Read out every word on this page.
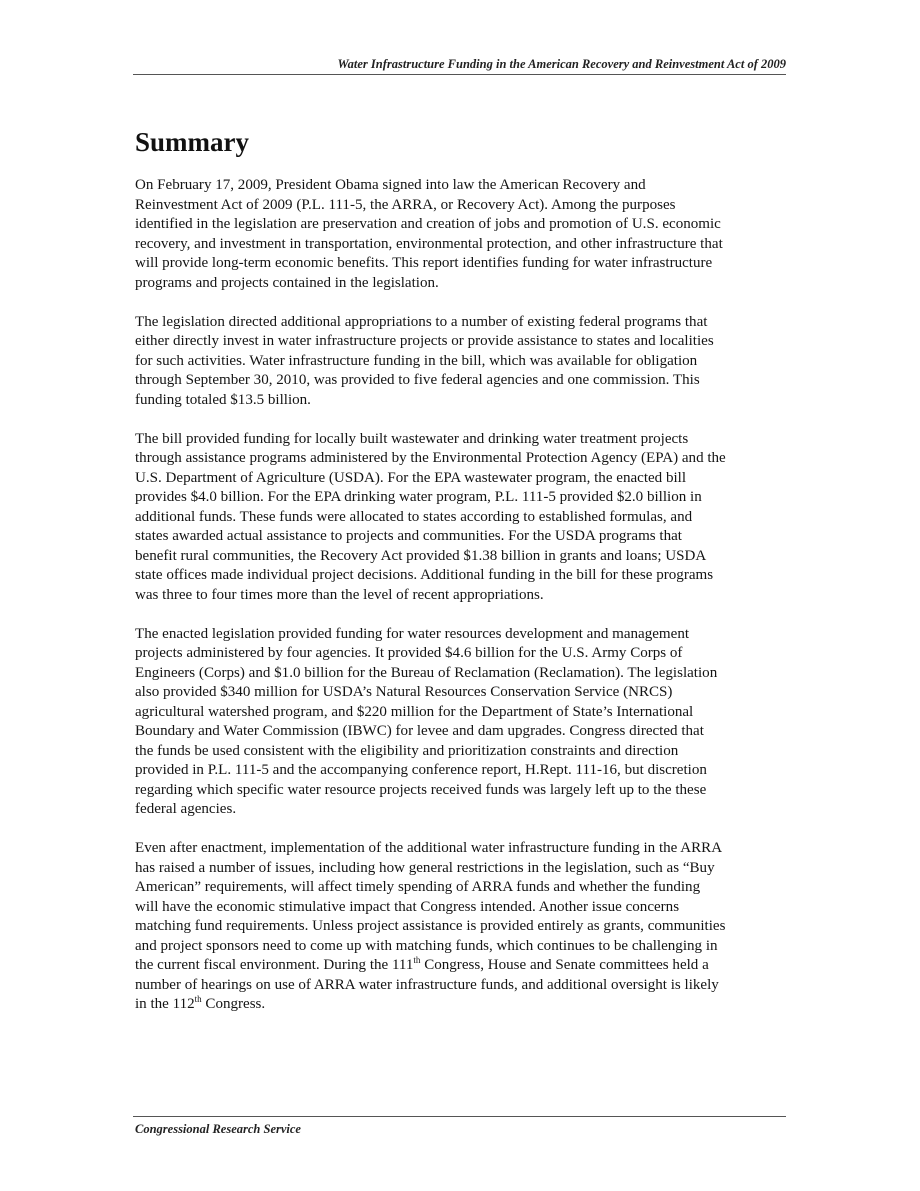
Water Infrastructure Funding in the American Recovery and Reinvestment Act of 2009
Summary

On February 17, 2009, President Obama signed into law the American Recovery and
Reinvestment Act of 2009 (P.L. 111-5, the ARRA, or Recovery Act). Among the purposes
identified in the legislation are preservation and creation of jobs and promotion of U.S. economic
recovery, and investment in transportation, environmental protection, and other infrastructure that
will provide long-term economic benefits. This report identifies funding for water infrastructure
programs and projects contained in the legislation.

The legislation directed additional appropriations to a number of existing federal programs that
either directly invest in water infrastructure projects or provide assistance to states and localities
for such activities. Water infrastructure funding in the bill, which was available for obligation
through September 30, 2010, was provided to five federal agencies and one commission. This
funding totaled $13.5 billion.

The bill provided funding for locally built wastewater and drinking water treatment projects
through assistance programs administered by the Environmental Protection Agency (EPA) and the
U.S. Department of Agriculture (USDA). For the EPA wastewater program, the enacted bill
provides $4.0 billion. For the EPA drinking water program, P.L. 111-5 provided $2.0 billion in
additional funds. These funds were allocated to states according to established formulas, and
states awarded actual assistance to projects and communities. For the USDA programs that
benefit rural communities, the Recovery Act provided $1.38 billion in grants and loans; USDA
state offices made individual project decisions. Additional funding in the bill for these programs
was three to four times more than the level of recent appropriations.

The enacted legislation provided funding for water resources development and management
projects administered by four agencies. It provided $4.6 billion for the U.S. Army Corps of
Engineers (Corps) and $1.0 billion for the Bureau of Reclamation (Reclamation). The legislation
also provided $340 million for USDA’s Natural Resources Conservation Service (NRCS)
agricultural watershed program, and $220 million for the Department of State’s International
Boundary and Water Commission (IBWC) for levee and dam upgrades. Congress directed that
the funds be used consistent with the eligibility and prioritization constraints and direction
provided in P.L. 111-5 and the accompanying conference report, H.Rept. 111-16, but discretion
regarding which specific water resource projects received funds was largely left up to the these
federal agencies.

Even after enactment, implementation of the additional water infrastructure funding in the ARRA
has raised a number of issues, including how general restrictions in the legislation, such as “Buy
American” requirements, will affect timely spending of ARRA funds and whether the funding
will have the economic stimulative impact that Congress intended. Another issue concerns
matching fund requirements. Unless project assistance is provided entirely as grants, communities
and project sponsors need to come up with matching funds, which continues to be challenging in
the current fiscal environment. During the 111th Congress, House and Senate committees held a
number of hearings on use of ARRA water infrastructure funds, and additional oversight is likely
in the 112th Congress.

Congressional Research Service
